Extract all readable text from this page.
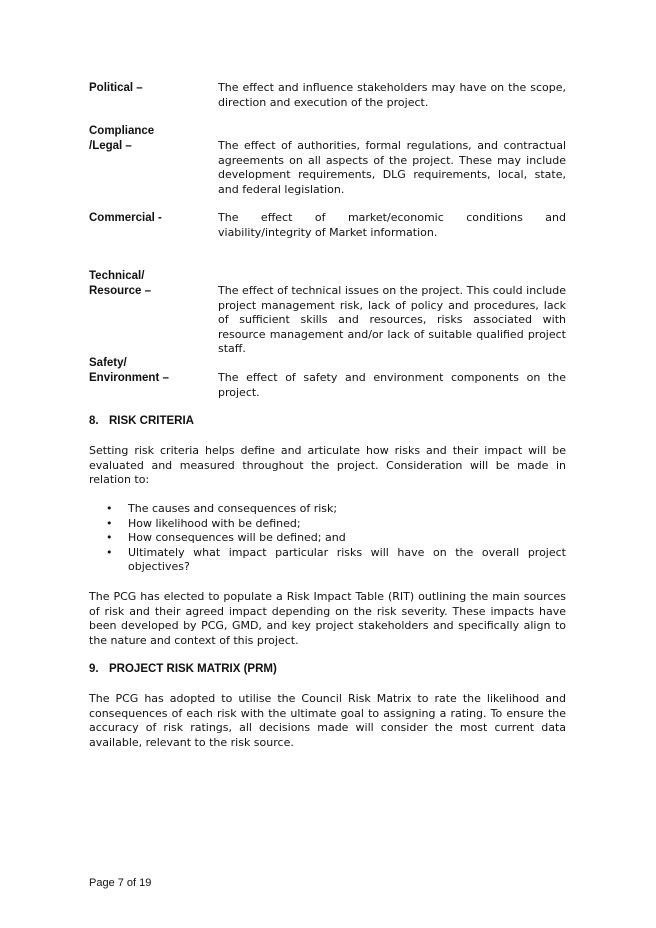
Political –	The effect and influence stakeholders may have on the scope, direction and execution of the project.
Compliance
/Legal –	The effect of authorities, formal regulations, and contractual agreements on all aspects of the project. These may include development requirements, DLG requirements, local, state, and federal legislation.
Commercial -	The effect of market/economic conditions and viability/integrity of Market information.
Technical/
Resource –	The effect of technical issues on the project. This could include project management risk, lack of policy and procedures, lack of sufficient skills and resources, risks associated with resource management and/or lack of suitable qualified project staff.
Safety/
Environment –	The effect of safety and environment components on the project.
8. RISK CRITERIA
Setting risk criteria helps define and articulate how risks and their impact will be evaluated and measured throughout the project. Consideration will be made in relation to:
• The causes and consequences of risk;
• How likelihood with be defined;
• How consequences will be defined; and
• Ultimately what impact particular risks will have on the overall project objectives?
The PCG has elected to populate a Risk Impact Table (RIT) outlining the main sources of risk and their agreed impact depending on the risk severity. These impacts have been developed by PCG, GMD, and key project stakeholders and specifically align to the nature and context of this project.
9. PROJECT RISK MATRIX (PRM)
The PCG has adopted to utilise the Council Risk Matrix to rate the likelihood and consequences of each risk with the ultimate goal to assigning a rating. To ensure the accuracy of risk ratings, all decisions made will consider the most current data available, relevant to the risk source.
Page 7 of 19
